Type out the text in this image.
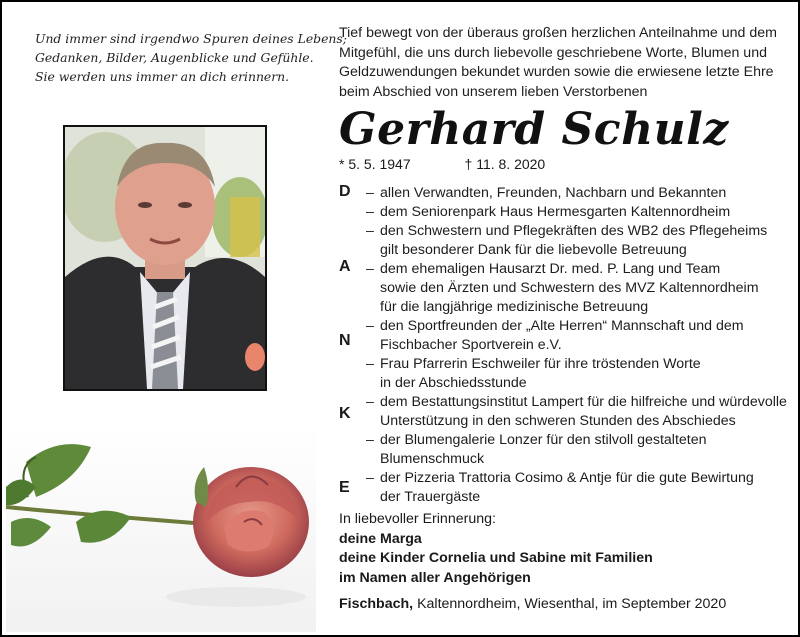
Und immer sind irgendwo Spuren deines Lebens;
Gedanken, Bilder, Augenblicke und Gefühle.
Sie werden uns immer an dich erinnern.
Tief bewegt von der überaus großen herzlichen Anteilnahme und dem
Mitgefühl, die uns durch liebevolle geschriebene Worte, Blumen und
Geldzuwendungen bekundet wurden sowie die erwiesene letzte Ehre
beim Abschied von unserem lieben Verstorbenen
Gerhard Schulz
* 5. 5. 1947	† 11. 8. 2020
D
A
N
K
E
– allen Verwandten, Freunden, Nachbarn und Bekannten
– dem Seniorenpark Haus Hermesgarten Kaltennordheim
– den Schwestern und Pflegekräften des WB2 des Pflegeheims
gilt besonderer Dank für die liebevolle Betreuung
– dem ehemaligen Hausarzt Dr. med. P. Lang und Team
sowie den Ärzten und Schwestern des MVZ Kaltennordheim
für die langjährige medizinische Betreuung
– den Sportfreunden der „Alte Herren“ Mannschaft und dem
Fischbacher Sportverein e.V.
– Frau Pfarrerin Eschweiler für ihre tröstenden Worte
in der Abschiedsstunde
– dem Bestattungsinstitut Lampert für die hilfreiche und würdevolle
Unterstützung in den schweren Stunden des Abschiedes
– der Blumengalerie Lonzer für den stilvoll gestalteten
Blumenschmuck
– der Pizzeria Trattoria Cosimo & Antje für die gute Bewirtung
der Trauergäste
In liebevoller Erinnerung:
deine Marga
deine Kinder Cornelia und Sabine mit Familien
im Namen aller Angehörigen
Fischbach, Kaltennordheim, Wiesenthal, im September 2020
